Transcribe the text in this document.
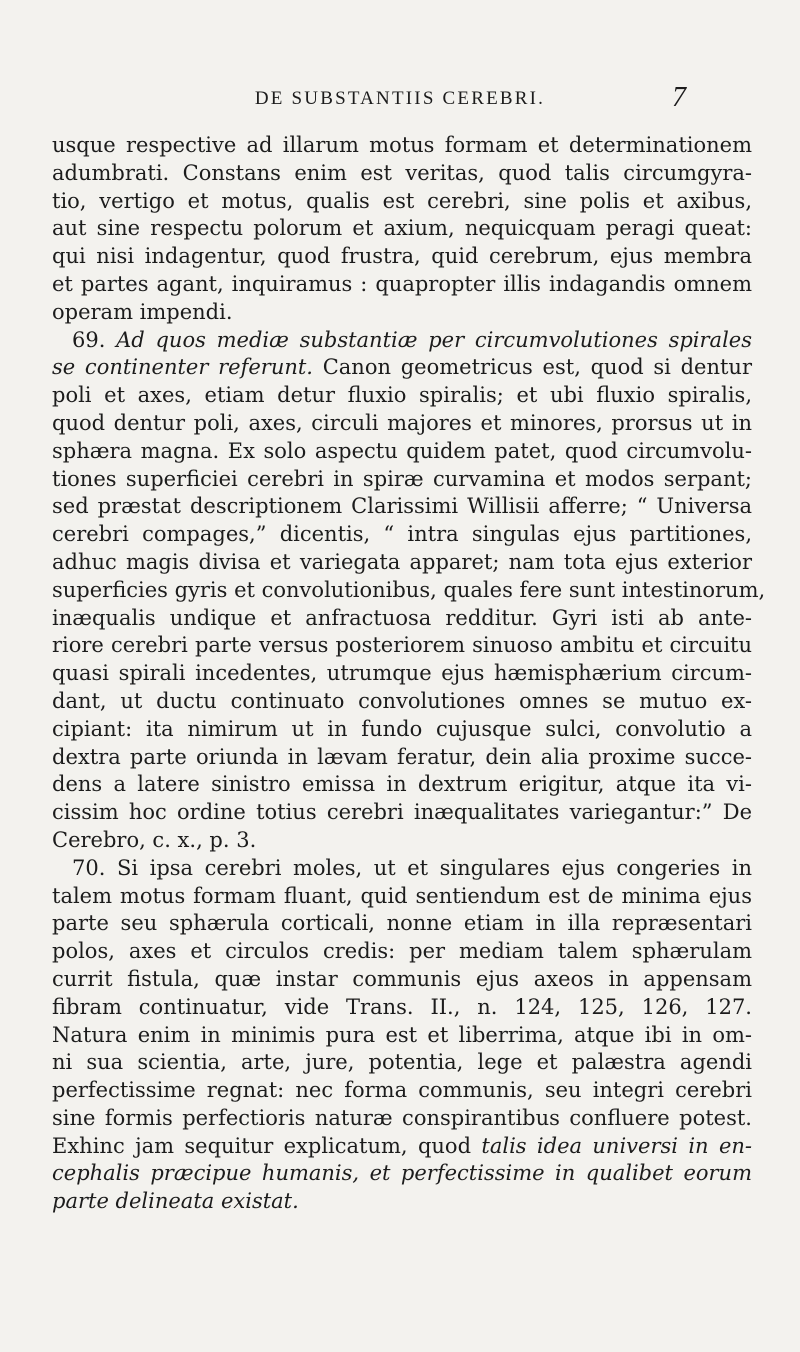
DE SUBSTANTIIS CEREBRI.	7
usque respective ad illarum motus formam et determinationem
adumbrati. Constans enim est veritas, quod talis circumgyra-
tio, vertigo et motus, qualis est cerebri, sine polis et axibus,
aut sine respectu polorum et axium, nequicquam peragi queat:
qui nisi indagentur, quod frustra, quid cerebrum, ejus membra
et partes agant, inquiramus : quapropter illis indagandis omnem
operam impendi.
69. Ad quos mediæ substantiæ per circumvolutiones spirales
se continenter referunt. Canon geometricus est, quod si dentur
poli et axes, etiam detur fluxio spiralis; et ubi fluxio spiralis,
quod dentur poli, axes, circuli majores et minores, prorsus ut in
sphæra magna. Ex solo aspectu quidem patet, quod circumvolu-
tiones superficiei cerebri in spiræ curvamina et modos serpant;
sed præstat descriptionem Clarissimi Willisii afferre; “ Universa
cerebri compages,” dicentis, “ intra singulas ejus partitiones,
adhuc magis divisa et variegata apparet; nam tota ejus exterior
superficies gyris et convolutionibus, quales fere sunt intestinorum,
inæqualis undique et anfractuosa redditur. Gyri isti ab ante-
riore cerebri parte versus posteriorem sinuoso ambitu et circuitu
quasi spirali incedentes, utrumque ejus hæmisphærium circum-
dant, ut ductu continuato convolutiones omnes se mutuo ex-
cipiant: ita nimirum ut in fundo cujusque sulci, convolutio a
dextra parte oriunda in lævam feratur, dein alia proxime succe-
dens a latere sinistro emissa in dextrum erigitur, atque ita vi-
cissim hoc ordine totius cerebri inæqualitates variegantur:” De
Cerebro, c. x., p. 3.
70. Si ipsa cerebri moles, ut et singulares ejus congeries in
talem motus formam fluant, quid sentiendum est de minima ejus
parte seu sphærula corticali, nonne etiam in illa repræsentari
polos, axes et circulos credis: per mediam talem sphærulam
currit fistula, quæ instar communis ejus axeos in appensam
fibram continuatur, vide Trans. II., n. 124, 125, 126, 127.
Natura enim in minimis pura est et liberrima, atque ibi in om-
ni sua scientia, arte, jure, potentia, lege et palæstra agendi
perfectissime regnat: nec forma communis, seu integri cerebri
sine formis perfectioris naturæ conspirantibus confluere potest.
Exhinc jam sequitur explicatum, quod talis idea universi in en-
cephalis præcipue humanis, et perfectissime in qualibet eorum
parte delineata existat.
